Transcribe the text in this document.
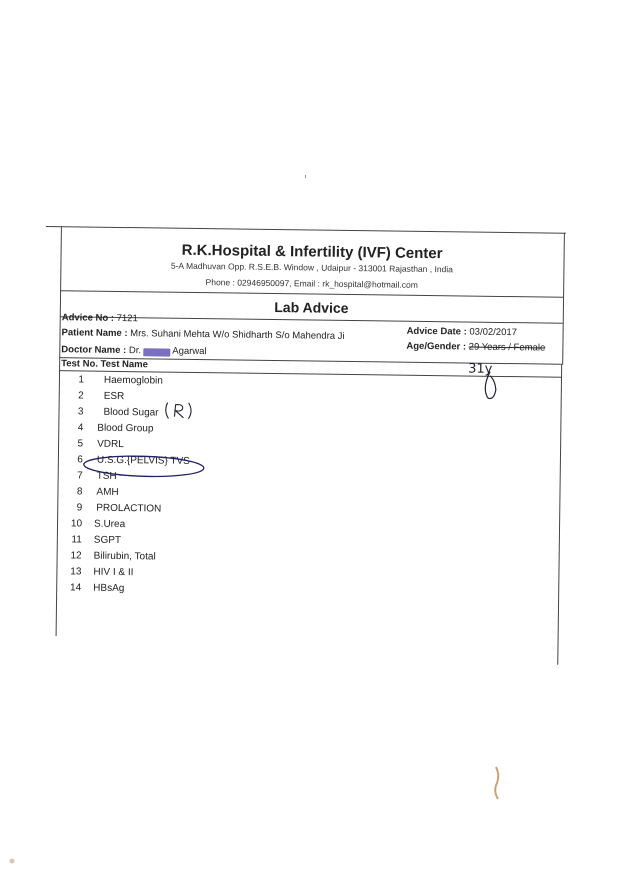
R.K.Hospital & Infertility (IVF) Center
5-A Madhuvan Opp. R.S.E.B. Window , Udaipur - 313001 Rajasthan , India
Phone : 02946950097, Email : rk_hospital@hotmail.com
Lab Advice
Advice No : 7121
Patient Name : Mrs. Suhani Mehta W/o Shidharth S/o Mahendra Ji
Doctor Name : Dr. Manisha Agarwal
Advice Date : 03/02/2017
Age/Gender : 29 Years / Female
Test No. Test Name
1 Haemoglobin
2 ESR
3 Blood Sugar
4 Blood Group
5 VDRL
6 U.S.G.{PELVIS} TVS
7 TSH
8 AMH
9 PROLACTION
10 S.Urea
11 SGPT
12 Bilirubin, Total
13 HIV I & II
14 HBsAg
31y
